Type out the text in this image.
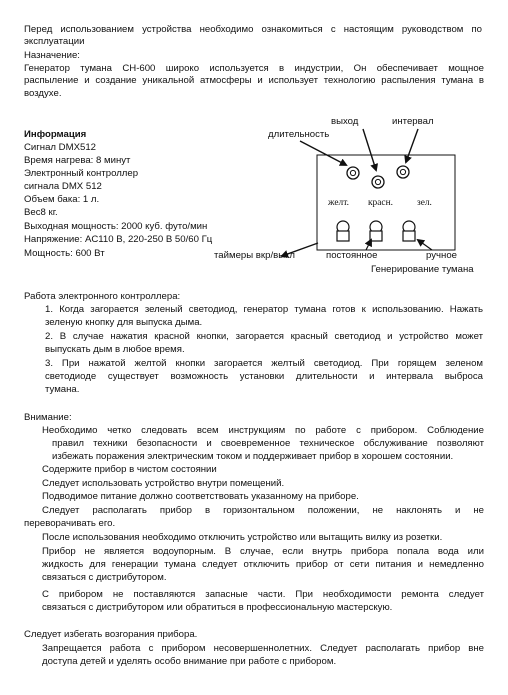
Перед использованием устройства необходимо ознакомиться с настоящим руководством по
эксплуатации
Назначение:
Генератор тумана CH-600 широко используется в индустрии, Он обеспечивает мощное
распыление и создание уникальной атмосферы и использует технологию распыления тумана в
воздухе.
Информация
Сигнал DMX512
Время нагрева: 8 минут
Электронный контроллер
сигнала DMX 512
Объем бака: 1 л.
Вес8 кг.
Выходная мощность: 2000 куб. футо/мин
Напряжение: AC110 В, 220-250 В 50/60 Гц
Мощность: 600 Вт
выход	интервал
длительность
желт. красн.	зел.
таймеры вкр/выкл	постоянное	ручное
Генерирование тумана
Работа электронного контроллера:
1. Когда загорается зеленый светодиод, генератор тумана готов к использованию. Нажать
зеленую кнопку для выпуска дыма.
2. В случае нажатия красной кнопки, загорается красный светодиод и устройство может
выпускать дым в любое время.
3. При нажатой желтой кнопки загорается желтый светодиод. При горящем зеленом
светодиоде существует возможность установки длительности и интервала выброса
тумана.
Внимание:
Необходимо четко следовать всем инструкциям по работе с прибором. Соблюдение
правил техники безопасности и своевременное техническое обслуживание позволяют
избежать поражения электрическим током и поддерживает прибор в хорошем состоянии.
Содержите прибор в чистом состоянии
Следует использовать устройство внутри помещений.
Подводимое питание должно соответствовать указанному на приборе.
Следует располагать прибор в горизонтальном положении, не наклонять и не
переворачивать его.
После использования необходимо отключить устройство или вытащить вилку из розетки.
Прибор не является водоупорным. В случае, если внутрь прибора попала вода или
жидкость для генерации тумана следует отключить прибор от сети питания и немедленно
связаться с дистрибутором.
С прибором не поставляются запасные части. При необходимости ремонта следует
связаться с дистрибутором или обратиться в профессиональную мастерскую.
Следует избегать возгорания прибора.
Запрещается работа с прибором несовершеннолетних. Следует располагать прибор вне
доступа детей и уделять особо внимание при работе с прибором.
